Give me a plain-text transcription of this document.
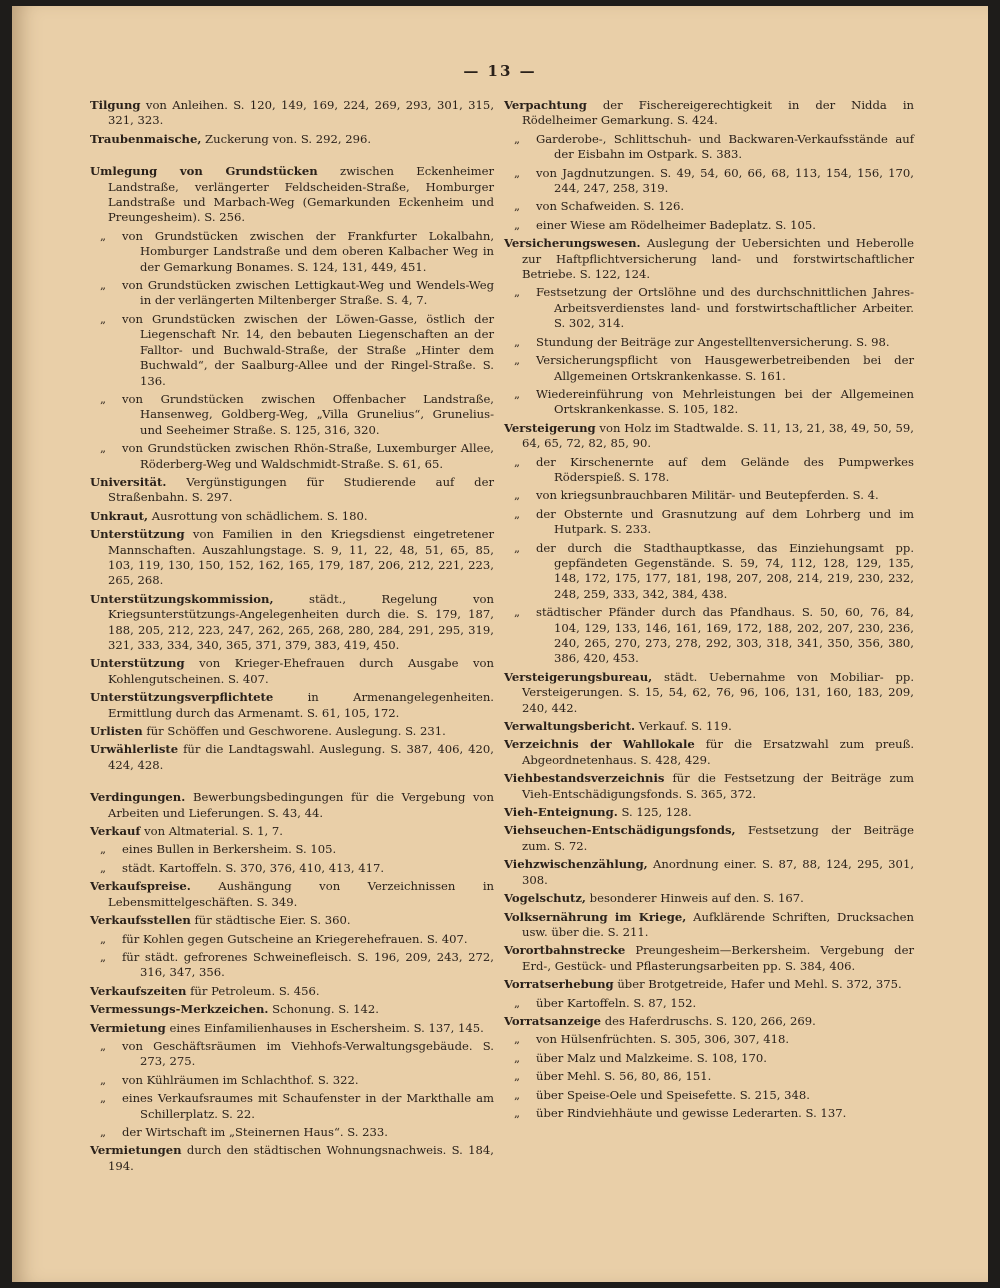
— 13 —
Tilgung von Anleihen. S. 120, 149, 169, 224, 269, 293, 301, 315, 321, 323.
Traubenmaische, Zuckerung von. S. 292, 296.
Umlegung von Grundstücken zwischen Eckenheimer Landstraße, verlängerter Feldscheiden-Straße, Homburger Landstraße und Marbach-Weg (Gemarkunden Eckenheim und Preungesheim). S. 256.
„ von Grundstücken zwischen der Frankfurter Lokalbahn, Homburger Landstraße und dem oberen Kalbacher Weg in der Gemarkung Bonames. S. 124, 131, 449, 451.
„ von Grundstücken zwischen Lettigkaut-Weg und Wendels-Weg in der verlängerten Miltenberger Straße. S. 4, 7.
„ von Grundstücken zwischen der Löwen-Gasse, östlich der Liegenschaft Nr. 14, den bebauten Liegenschaften an der Falltor- und Buchwald-Straße, der Straße „Hinter dem Buchwald“, der Saalburg-Allee und der Ringel-Straße. S. 136.
„ von Grundstücken zwischen Offenbacher Landstraße, Hansenweg, Goldberg-Weg, „Villa Grunelius“, Grunelius- und Seeheimer Straße. S. 125, 316, 320.
„ von Grundstücken zwischen Rhön-Straße, Luxemburger Allee, Röderberg-Weg und Waldschmidt-Straße. S. 61, 65.
Universität. Vergünstigungen für Studierende auf der Straßenbahn. S. 297.
Unkraut, Ausrottung von schädlichem. S. 180.
Unterstützung von Familien in den Kriegsdienst eingetretener Mannschaften. Auszahlungstage. S. 9, 11, 22, 48, 51, 65, 85, 103, 119, 130, 150, 152, 162, 165, 179, 187, 206, 212, 221, 223, 265, 268.
Unterstützungskommission,	städt., Regelung von Kriegsunterstützungs-Angelegenheiten durch die. S. 179, 187, 188, 205, 212, 223, 247, 262, 265, 268, 280, 284, 291, 295, 319, 321, 333, 334, 340, 365, 371, 379, 383, 419, 450.
Unterstützung von Krieger-Ehefrauen durch Ausgabe von Kohlengutscheinen. S. 407.
Unterstützungsverpflichtete	in Armenangelegenheiten. Ermittlung durch das Armenamt. S. 61, 105, 172.
Urlisten für Schöffen und Geschworene. Auslegung. S. 231.
Urwählerliste für die Landtagswahl. Auslegung. S. 387, 406, 420, 424, 428.
Verdingungen. Bewerbungsbedingungen für die Vergebung von Arbeiten und Lieferungen. S. 43, 44.
Verkauf von Altmaterial. S. 1, 7.
„ eines Bullen in Berkersheim. S. 105.
„ städt. Kartoffeln. S. 370, 376, 410, 413, 417.
Verkaufspreise. Aushängung von Verzeichnissen in Lebensmittelgeschäften. S. 349.
Verkaufsstellen für städtische Eier. S. 360.
„ für Kohlen gegen Gutscheine an Kriegerehefrauen. S. 407.
„ für städt. gefrorenes Schweinefleisch. S. 196, 209, 243, 272, 316, 347, 356.
Verkaufszeiten für Petroleum. S. 456.
Vermessungs-Merkzeichen. Schonung. S. 142.
Vermietung eines Einfamilienhauses in Eschersheim. S. 137, 145.
„ von Geschäftsräumen im Viehhofs-Verwaltungsgebäude. S. 273, 275.
„ von Kühlräumen im Schlachthof. S. 322.
„ eines Verkaufsraumes mit Schaufenster in der Markthalle am Schillerplatz. S. 22.
„ der Wirtschaft im „Steinernen Haus“. S. 233.
Vermietungen durch den städtischen Wohnungsnachweis. S. 184, 194.
Verpachtung der Fischereigerechtigkeit in der Nidda in Rödelheimer Gemarkung. S. 424.
„ Garderobe-, Schlittschuh- und Backwaren-Verkaufsstände auf der Eisbahn im Ostpark. S. 383.
„ von Jagdnutzungen. S. 49, 54, 60, 66, 68, 113, 154, 156, 170, 244, 247, 258, 319.
„ von Schafweiden. S. 126.
„ einer Wiese am Rödelheimer Badeplatz. S. 105.
Versicherungswesen. Auslegung der Uebersichten und Heberolle zur Haftpflichtversicherung land- und forstwirtschaftlicher Betriebe. S. 122, 124.
„ Festsetzung der Ortslöhne und des durchschnittlichen Jahres-Arbeitsverdienstes land- und forstwirtschaftlicher Arbeiter. S. 302, 314.
„ Stundung der Beiträge zur Angestelltenversicherung. S. 98.
„ Versicherungspflicht von Hausgewerbetreibenden bei der Allgemeinen Ortskrankenkasse. S. 161.
„ Wiedereinführung von Mehrleistungen bei der Allgemeinen Ortskrankenkasse. S. 105, 182.
Versteigerung von Holz im Stadtwalde. S. 11, 13, 21, 38, 49, 50, 59, 64, 65, 72, 82, 85, 90.
„ der Kirschenernte auf dem Gelände des Pumpwerkes Röderspieß. S. 178.
„ von kriegsunbrauchbaren Militär- und Beutepferden. S. 4.
„ der Obsternte und Grasnutzung auf dem Lohrberg und im Hutpark. S. 233.
„ der durch die Stadthauptkasse, das Einziehungsamt pp. gepfändeten Gegenstände. S. 59, 74, 112, 128, 129, 135, 148, 172, 175, 177, 181, 198, 207, 208, 214, 219, 230, 232, 248, 259, 333, 342, 384, 438.
„ städtischer Pfänder durch das Pfandhaus. S. 50, 60, 76, 84, 104, 129, 133, 146, 161, 169, 172, 188, 202, 207, 230, 236, 240, 265, 270, 273, 278, 292, 303, 318, 341, 350, 356, 380, 386, 420, 453.
Versteigerungsbureau, städt. Uebernahme von Mobiliar- pp. Versteigerungen. S. 15, 54, 62, 76, 96, 106, 131, 160, 183, 209, 240, 442.
Verwaltungsbericht. Verkauf. S. 119.
Verzeichnis der Wahllokale für die Ersatzwahl zum preuß. Abgeordnetenhaus. S. 428, 429.
Viehbestandsverzeichnis für die Festsetzung der Beiträge zum Vieh-Entschädigungsfonds. S. 365, 372.
Vieh-Enteignung. S. 125, 128.
Viehseuchen-Entschädigungsfonds, Festsetzung der Beiträge zum. S. 72.
Viehzwischenzählung, Anordnung einer. S. 87, 88, 124, 295, 301, 308.
Vogelschutz, besonderer Hinweis auf den. S. 167.
Volksernährung im Kriege, Aufklärende Schriften, Drucksachen usw. über die. S. 211.
Vorortbahnstrecke Preungesheim—Berkersheim. Vergebung der Erd-, Gestück- und Pflasterungsarbeiten pp. S. 384, 406.
Vorratserhebung über Brotgetreide, Hafer und Mehl. S. 372, 375.
„ über Kartoffeln. S. 87, 152.
Vorratsanzeige des Haferdruschs. S. 120, 266, 269.
„ von Hülsenfrüchten. S. 305, 306, 307, 418.
„ über Malz und Malzkeime. S. 108, 170.
„ über Mehl. S. 56, 80, 86, 151.
„ über Speise-Oele und Speisefette. S. 215, 348.
„ über Rindviehhäute und gewisse Lederarten. S. 137.
